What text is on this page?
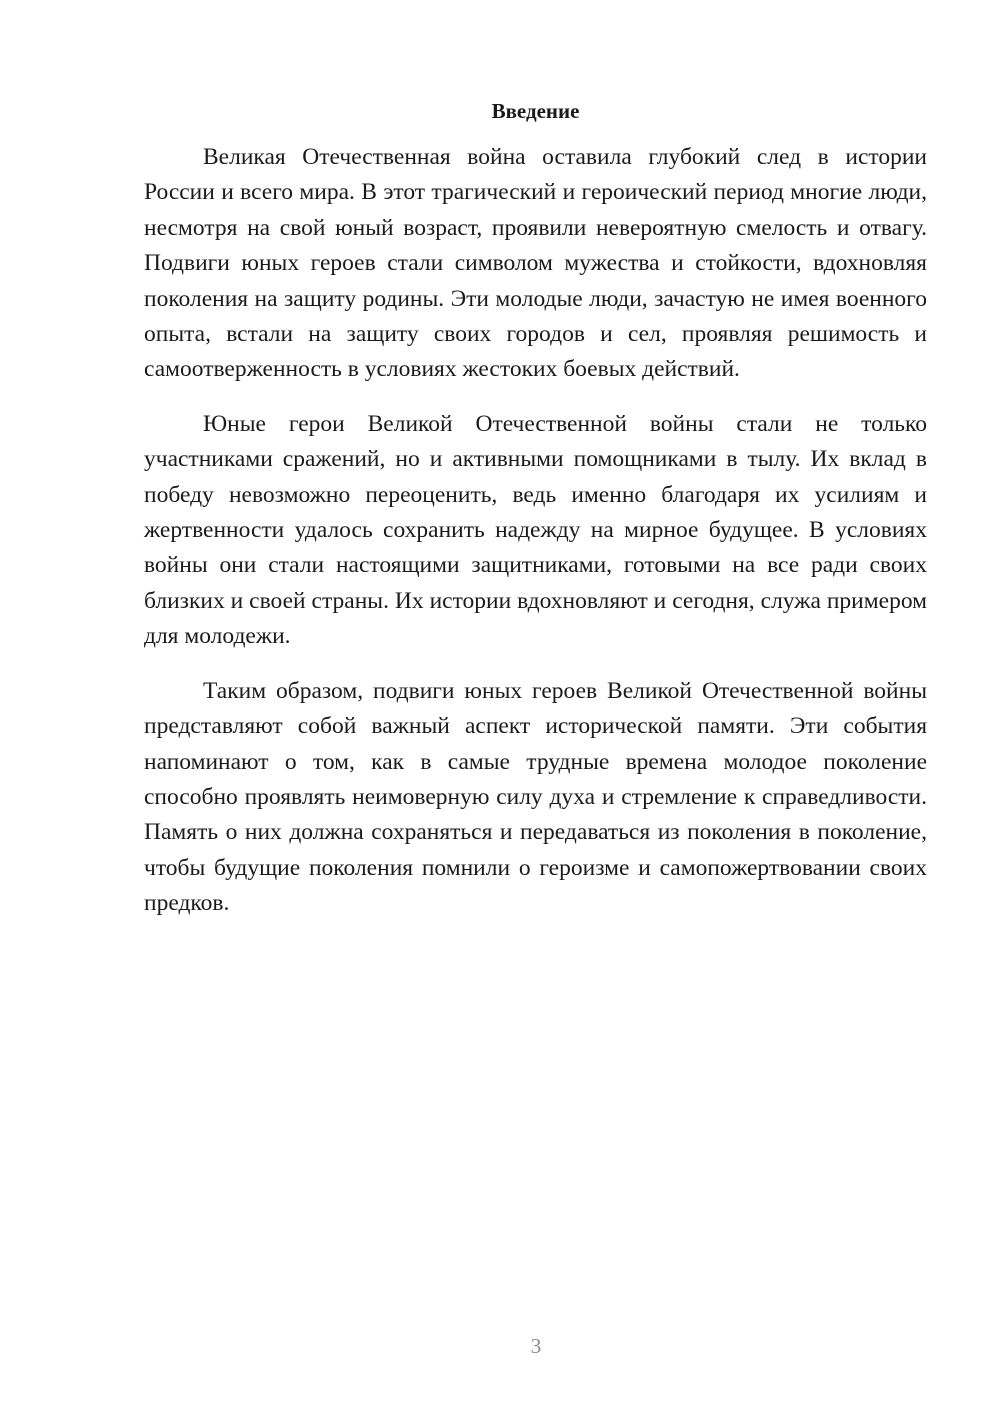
Введение

Великая Отечественная война оставила глубокий след в истории России и всего мира. В этот трагический и героический период многие люди, несмотря на свой юный возраст, проявили невероятную смелость и отвагу. Подвиги юных героев стали символом мужества и стойкости, вдохновляя поколения на защиту родины. Эти молодые люди, зачастую не имея военного опыта, встали на защиту своих городов и сел, проявляя решимость и самоотверженность в условиях жестоких боевых действий.

Юные герои Великой Отечественной войны стали не только участниками сражений, но и активными помощниками в тылу. Их вклад в победу невозможно переоценить, ведь именно благодаря их усилиям и жертвенности удалось сохранить надежду на мирное будущее. В условиях войны они стали настоящими защитниками, готовыми на все ради своих близких и своей страны. Их истории вдохновляют и сегодня, служа примером для молодежи.

Таким образом, подвиги юных героев Великой Отечественной войны представляют собой важный аспект исторической памяти. Эти события напоминают о том, как в самые трудные времена молодое поколение способно проявлять неимоверную силу духа и стремление к справедливости. Память о них должна сохраняться и передаваться из поколения в поколение, чтобы будущие поколения помнили о героизме и самопожертвовании своих предков.

3
